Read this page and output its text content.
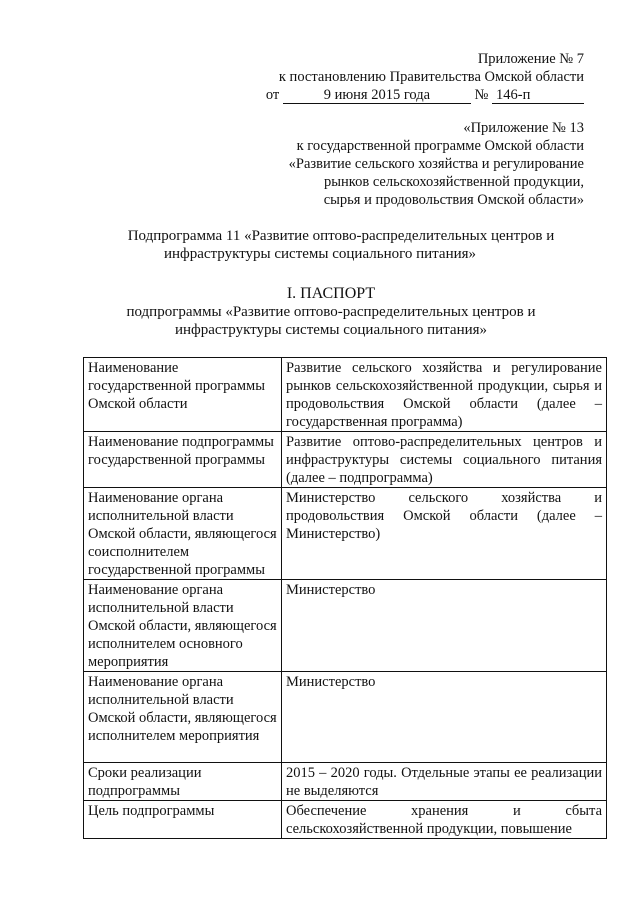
Приложение № 7
к постановлению Правительства Омской области
от	9 июня 2015 года	№ 146-п
«Приложение № 13
к государственной программе Омской области
«Развитие сельского хозяйства и регулирование
рынков сельскохозяйственной продукции,
сырья и продовольствия Омской области»
Подпрограмма 11 «Развитие оптово-распределительных центров и
инфраструктуры системы социального питания»
I. ПАСПОРТ
подпрограммы «Развитие оптово-распределительных центров и
инфраструктуры системы социального питания»
Наименование государственной программы Омской области	Развитие сельского хозяйства и регулирование рынков сельскохозяйственной продукции, сырья и продовольствия Омской области (далее – государственная программа)
Наименование подпрограммы государственной программы	Развитие оптово-распределительных центров и инфраструктуры системы социального питания (далее – подпрограмма)
Наименование органа исполнительной власти Омской области, являющегося соисполнителем государственной программы	Министерство сельского хозяйства и продовольствия Омской области (далее – Министерство)
Наименование органа исполнительной власти Омской области, являющегося исполнителем основного мероприятия	Министерство
Наименование органа исполнительной власти Омской области, являющегося исполнителем мероприятия	Министерство
Сроки реализации подпрограммы	2015 – 2020 годы. Отдельные этапы ее реализации не выделяются
Цель подпрограммы	Обеспечение хранения и сбыта сельскохозяйственной продукции, повышение
